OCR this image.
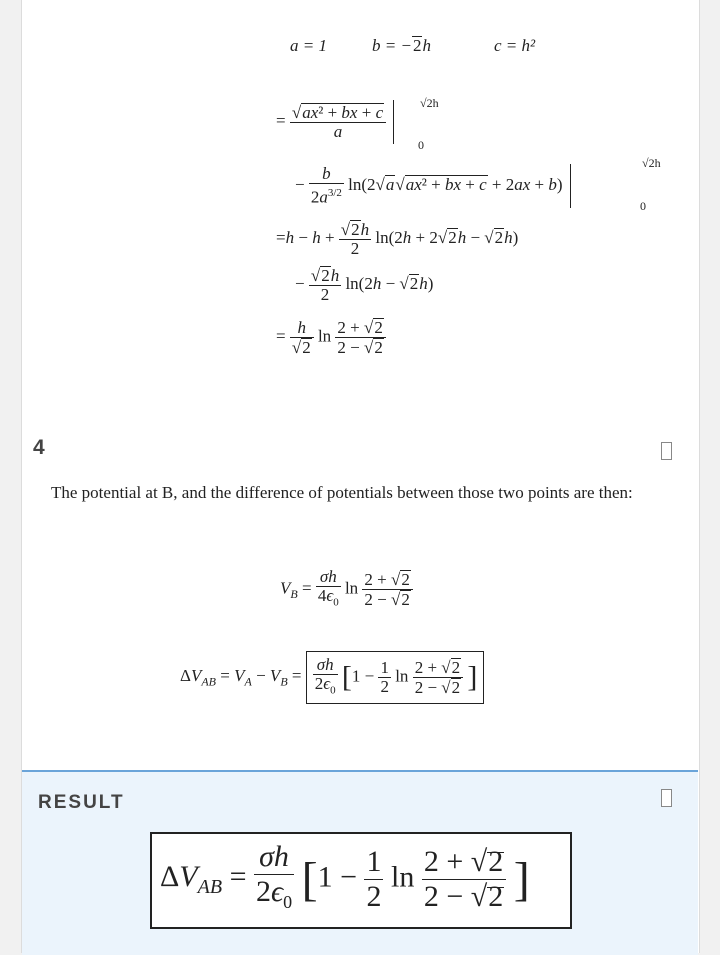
a = 1	b = −2h	c = h²
= $\frac{\text{√ax² + bx + c}}{a}$
	√2h
0
− $\frac{b}{2a^{3/2}} \ln(2√a√ax^2$ + bx + c + 2ax + b)
√2h
0
$=h - h + \frac{√2h}{2} \ln(2h + 2√2h - √2h)$
− $\frac{√2h}{2} \ln(2h - √2h)$
= $\frac{h}{√2}$ $\ln \frac{2 + √2}{2 - √2}$
4
The potential at B, and the difference of potentials between those two points are then:
$V_B = \frac{\sigma h}{4\epsilon_0}$ $\ln \frac{2 + √2}{2 - √2}$
$\Delta V_{AB} = V_A - V_B = \frac{\sigma h}{2\epsilon_0} [1 - \frac{1}{2}$ $\ln \frac{2 + √2}{2 - √2}$ ]
RESULT
$\Delta V_{AB} = \frac{\sigma h}{2\epsilon_0} [1 - \frac{1}{2}$ $\ln \frac{2 + √2}{2 - √2}$ ]
